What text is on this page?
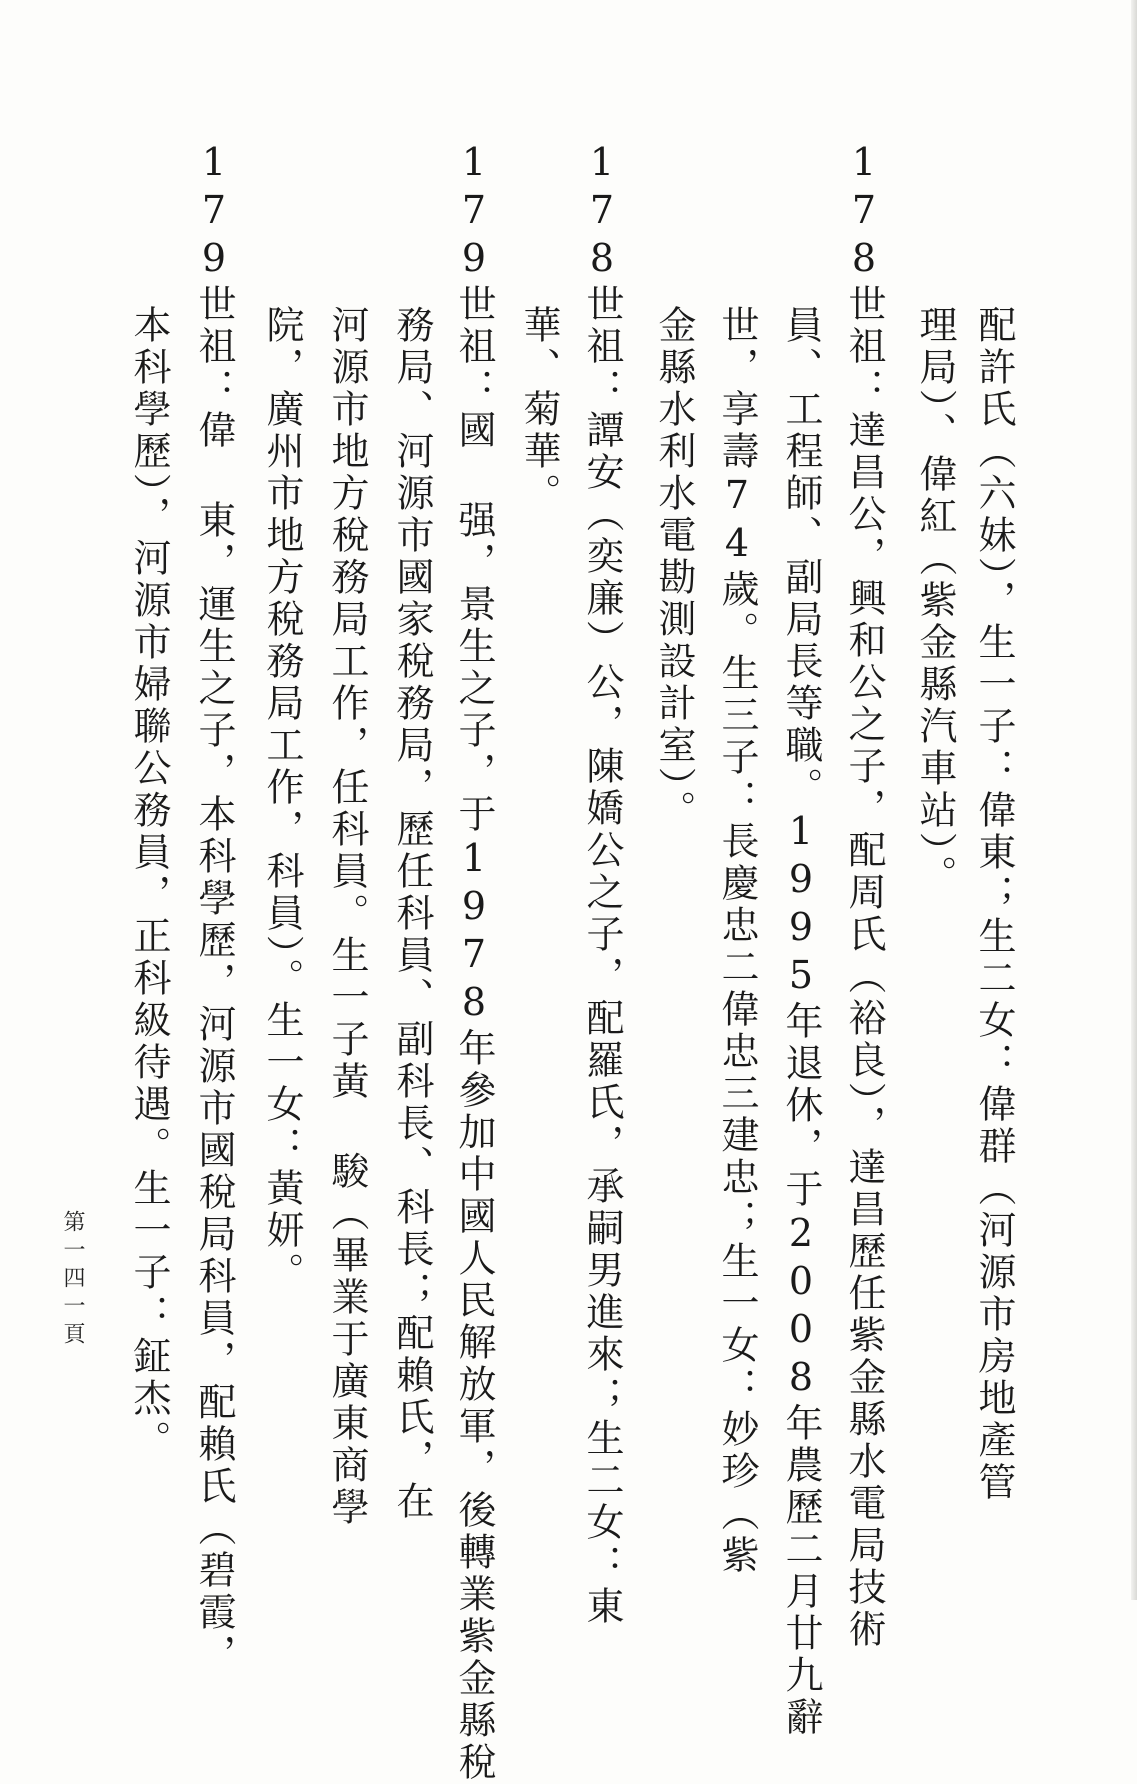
配許氏（六妹），生一子：偉東；生二女：偉群（河源市房地產管
理局）、偉紅（紫金縣汽車站）。
178世祖：達昌公，興和公之子，配周氏（裕良），達昌歷任紫金縣水電局技術
員、工程師、副局長等職。1995年退休，于2008年農歷二月廿九辭
世，享壽74歲。生三子：長慶忠二偉忠三建忠；生一女：妙珍（紫
金縣水利水電勘測設計室）。
178世祖：譚安（奕廉）公，陳嬌公之子，配羅氏，承嗣男進來；生二女：東
華、菊華。
179世祖：國 强，景生之子，于1978年參加中國人民解放軍，後轉業紫金縣稅
務局、河源市國家稅務局，歷任科員、副科長、科長；配賴氏，在
河源市地方稅務局工作，任科員。生一子黃 駿（畢業于廣東商學
院，廣州市地方稅務局工作，科員）。生一女：黃妍。
179世祖：偉 東，運生之子，本科學歷，河源市國稅局科員，配賴氏（碧霞，
本科學歷），河源市婦聯公務員，正科級待遇。生一子：鉦杰。
第一四一頁
